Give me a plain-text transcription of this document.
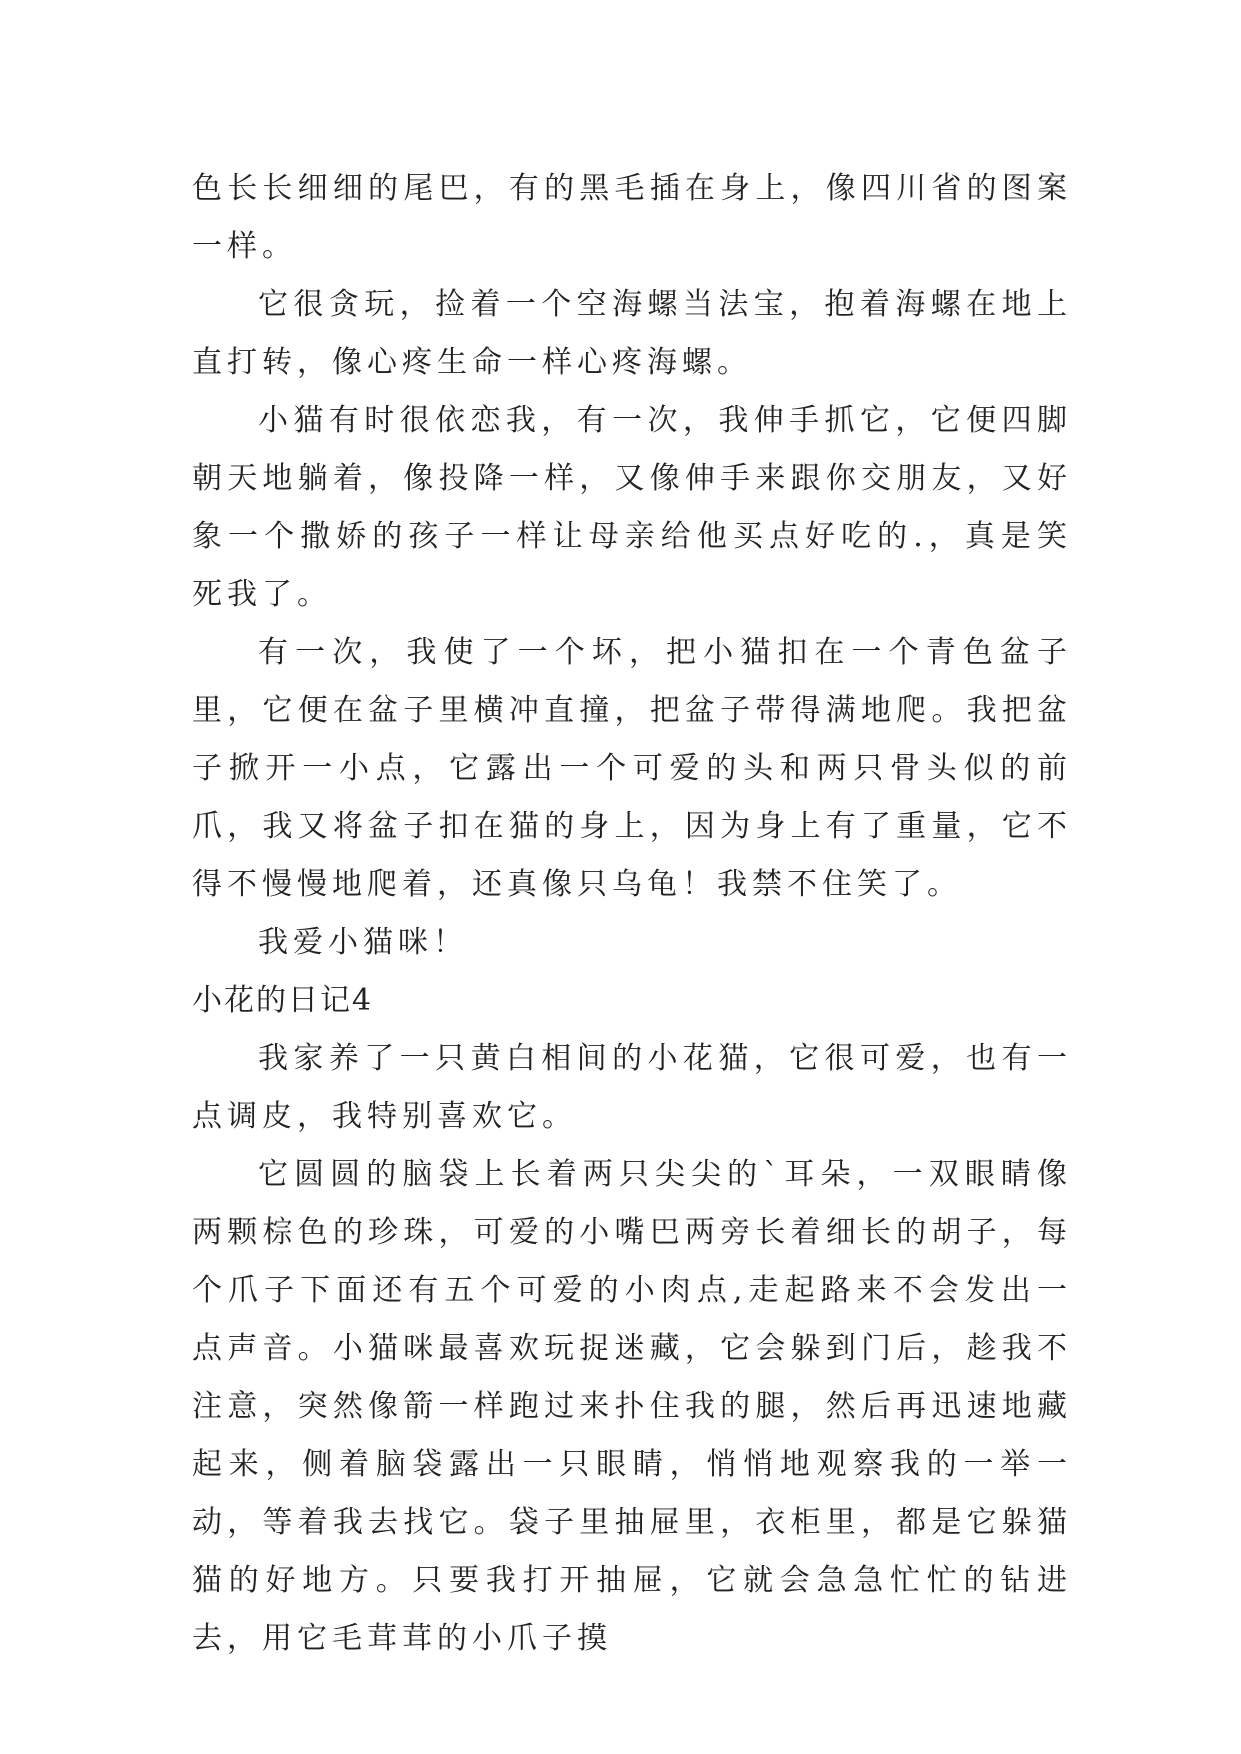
色长长细细的尾巴，有的黑毛插在身上，像四川省的图案一样。

它很贪玩，捡着一个空海螺当法宝，抱着海螺在地上直打转，像心疼生命一样心疼海螺。

小猫有时很依恋我，有一次，我伸手抓它，它便四脚朝天地躺着，像投降一样，又像伸手来跟你交朋友，又好象一个撒娇的孩子一样让母亲给他买点好吃的.，真是笑死我了。

有一次，我使了一个坏，把小猫扣在一个青色盆子里，它便在盆子里横冲直撞，把盆子带得满地爬。我把盆子掀开一小点，它露出一个可爱的头和两只骨头似的前爪，我又将盆子扣在猫的身上，因为身上有了重量，它不得不慢慢地爬着，还真像只乌龟！我禁不住笑了。

我爱小猫咪！

小花的日记4

我家养了一只黄白相间的小花猫，它很可爱，也有一点调皮，我特别喜欢它。

它圆圆的脑袋上长着两只尖尖的`耳朵，一双眼睛像两颗棕色的珍珠，可爱的小嘴巴两旁长着细长的胡子，每个爪子下面还有五个可爱的小肉点,走起路来不会发出一点声音。小猫咪最喜欢玩捉迷藏，它会躲到门后，趁我不注意，突然像箭一样跑过来扑住我的腿，然后再迅速地藏起来，侧着脑袋露出一只眼睛，悄悄地观察我的一举一动，等着我去找它。袋子里抽屉里，衣柜里，都是它躲猫猫的好地方。只要我打开抽屉，它就会急急忙忙的钻进去，用它毛茸茸的小爪子摸
